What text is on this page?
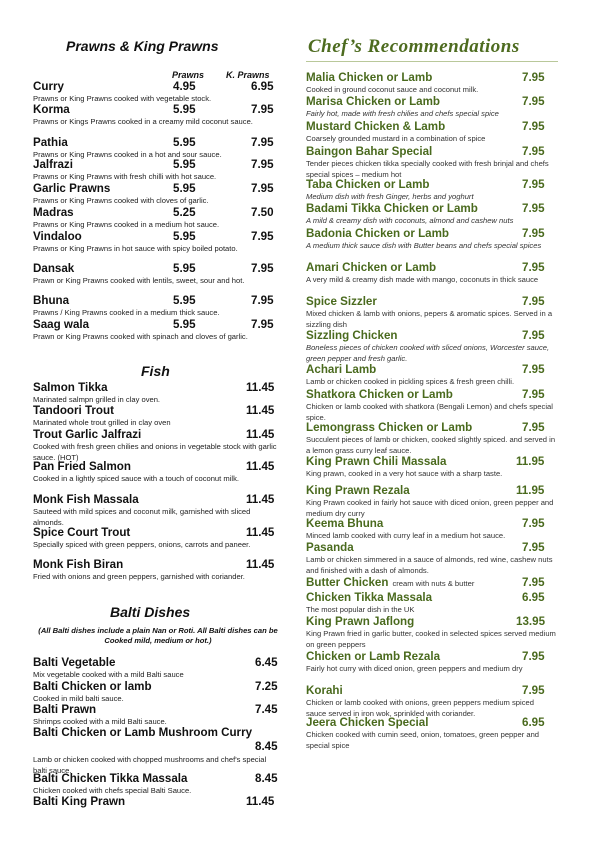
Prawns & King Prawns
Prawns K. Prawns
Curry	4.95	6.95
Prawns or King Prawns cooked with vegetable stock.
Korma	5.95	7.95
Prawns or Kings Prawns cooked in a creamy mild coconut sauce.
Pathia	5.95	7.95
Prawns or King Prawns cooked in a hot and sour sauce.
Jalfrazi	5.95	7.95
Prawns or King Prawns with fresh chilli with hot sauce.
Garlic Prawns	5.95	7.95
Prawns or King Prawns cooked with cloves of garlic.
Madras	5.25	7.50
Prawns or King Prawns cooked in a medium hot sauce.
Vindaloo	5.95	7.95
Prawns or King Prawns in hot sauce with spicy boiled potato.
Dansak	5.95	7.95
Prawn or King Prawns cooked with lentils, sweet, sour and hot.
Bhuna	5.95	7.95
Prawns / King Prawns cooked in a medium thick sauce.
Saag wala	5.95	7.95
Prawn or King Prawns cooked with spinach and cloves of garlic.
Fish
Salmon Tikka	11.45
Marinated salmpn grilled in clay oven.
Tandoori Trout	11.45
Marinated whole trout grilled in clay oven
Trout Garlic Jalfrazi	11.45
Cooked with fresh green chilies and onions in vegetable stock with garlic sauce. (HOT)
Pan Fried Salmon	11.45
Cooked in a lightly spiced sauce with a touch of coconut milk.
Monk Fish Massala	11.45
Sauteed with mild spices and coconut milk, garnished with sliced almonds.
Spice Court Trout	11.45
Specially spiced with green peppers, onions, carrots and paneer.
Monk Fish Biran	11.45
Fried with onions and green peppers, garnished with coriander.
Balti Dishes
(All Balti dishes include a plain Nan or Roti. All Balti dishes can be Cooked mild, medium or hot.)
Balti Vegetable	6.45
Mix vegetable cooked with a mild Balti sauce
Balti Chicken or lamb	7.25
Cooked in mild balti sauce.
Balti Prawn	7.45
Shrimps cooked with a mild Balti sauce.
Balti Chicken or Lamb Mushroom Curry
8.45
Lamb or chicken cooked with chopped mushrooms and chef's special balti sauce.
Balti Chicken Tikka Massala	8.45
Chicken cooked with chefs special Balti Sauce.
Balti King Prawn	11.45
Chef’s Recommendations
Malia Chicken or Lamb	7.95
Cooked in ground coconut sauce and coconut milk.
Marisa Chicken or Lamb	7.95
Fairly hot, made with fresh chilies and chefs special spice
Mustard Chicken & Lamb	7.95
Coarsely grounded mustard in a combination of spice
Baingon Bahar Special	7.95
Tender pieces chicken tikka specially cooked with fresh brinjal and chefs special spices – medium hot
Taba Chicken or Lamb	7.95
Medium dish with fresh Ginger, herbs and yoghurt
Badami Tikka Chicken or Lamb	7.95
A mild & creamy dish with coconuts, almond and cashew nuts
Badonia Chicken or Lamb	7.95
A medium thick sauce dish with Butter beans and chefs special spices
Amari Chicken or Lamb	7.95
A very mild & creamy dish made with mango, coconuts in thick sauce
Spice Sizzler	7.95
Mixed chicken & lamb with onions, pepers & aromatic spices. Served in a sizzling dish
Sizzling Chicken	7.95
Boneless pieces of chicken cooked with sliced onions, Worcester sauce, green pepper and fresh garlic.
Achari Lamb	7.95
Lamb or chicken cooked in pickling spices & fresh green chilli.
Shatkora Chicken or Lamb	7.95
Chicken or lamb cooked with shatkora (Bengali Lemon) and chefs special spice.
Lemongrass Chicken or Lamb	7.95
Succulent pieces of lamb or chicken, cooked slightly spiced. and served in a lemon grass curry leaf sauce.
King Prawn Chili Massala	11.95
King prawn, cooked in a very hot sauce with a sharp taste.
King Prawn Rezala	11.95
King Prawn cooked in fairly hot sauce with diced onion, green pepper and medium dry curry
Keema Bhuna	7.95
Minced lamb cooked with curry leaf in a medium hot sauce.
Pasanda	7.95
Lamb or chicken simmered in a sauce of almonds, red wine, cashew nuts and finished with a dash of almonds.
Butter Chicken cream with nuts & butter	7.95
Chicken Tikka Massala	6.95
The most popular dish in the UK
King Prawn Jaflong	13.95
King Prawn fried in garlic butter, cooked in selected spices served medium on green peppers
Chicken or Lamb Rezala	7.95
Fairly hot curry with diced onion, green peppers and medium dry
Korahi	7.95
Chicken or lamb cooked with onions, green peppers medium spiced sauce served in iron wok, sprinkled with coriander.
Jeera Chicken Special	6.95
Chicken cooked with cumin seed, onion, tomatoes, green pepper and special spice
